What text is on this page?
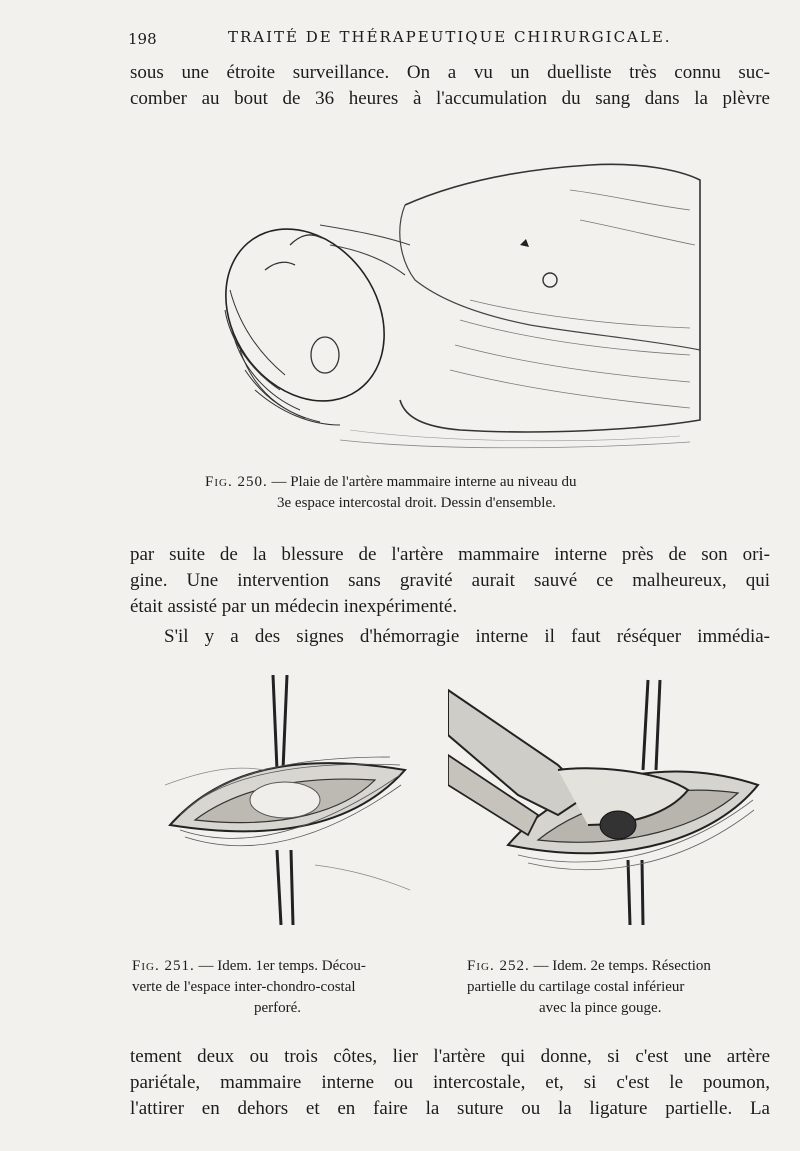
198	TRAITÉ DE THÉRAPEUTIQUE CHIRURGICALE.
sous une étroite surveillance. On a vu un duelliste très connu suc-
comber au bout de 36 heures à l'accumulation du sang dans la plèvre
Fig. 250. — Plaie de l'artère mammaire interne au niveau du
3e espace intercostal droit. Dessin d'ensemble.
par suite de la blessure de l'artère mammaire interne près de son ori-
gine. Une intervention sans gravité aurait sauvé ce malheureux, qui
était assisté par un médecin inexpérimenté.
S'il y a des signes d'hémorragie interne il faut réséquer immédia-
Fig. 251. — Idem. 1er temps. Décou-
verte de l'espace inter-chondro-costal
perforé.
Fig. 252. — Idem. 2e temps. Résection
partielle du cartilage costal inférieur
avec la pince gouge.
tement deux ou trois côtes, lier l'artère qui donne, si c'est une artère
pariétale, mammaire interne ou intercostale, et, si c'est le poumon,
l'attirer en dehors et en faire la suture ou la ligature partielle. La
